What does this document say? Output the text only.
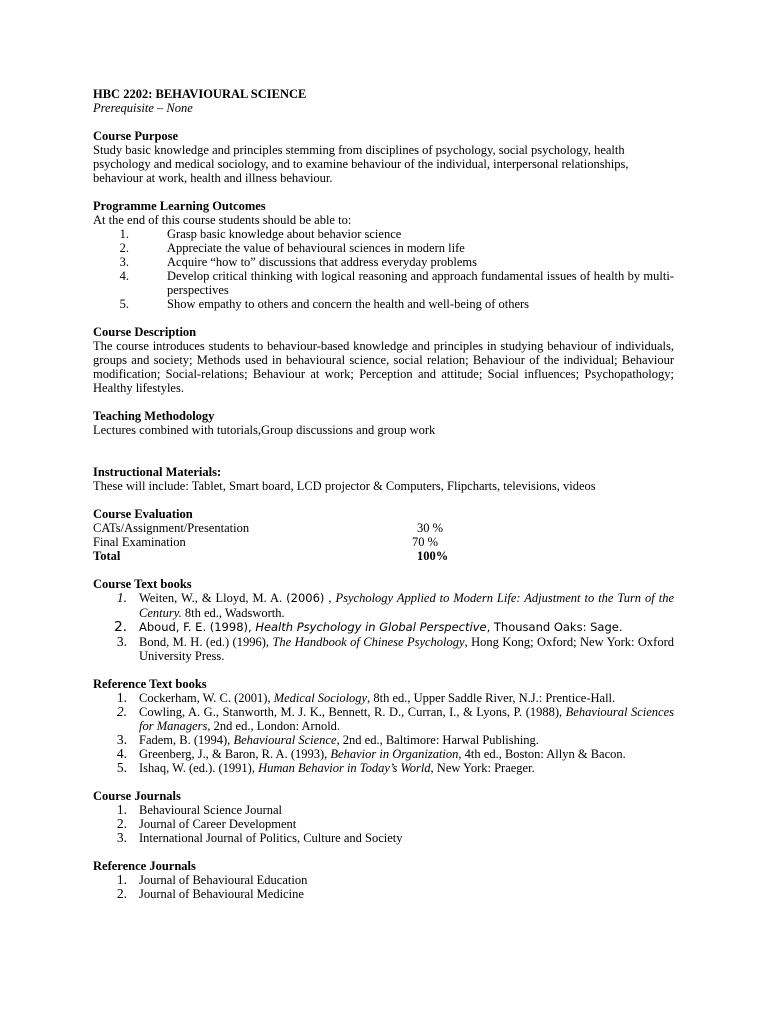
HBC 2202: BEHAVIOURAL SCIENCE

Prerequisite – None

Course Purpose

Study basic knowledge and principles stemming from disciplines of psychology, social psychology, health psychology and medical sociology, and to examine behaviour of the individual, interpersonal relationships, behaviour at work, health and illness behaviour.

Programme Learning Outcomes

At the end of this course students should be able to:

1.	Grasp basic knowledge about behavior science
2.	Appreciate the value of behavioural sciences in modern life
3.	Acquire “how to” discussions that address everyday problems
4.	Develop critical thinking with logical reasoning and approach fundamental issues of health by multi-perspectives
5.	Show empathy to others and concern the health and well-being of others

Course Description

The course introduces students to behaviour-based knowledge and principles in studying behaviour of individuals, groups and society; Methods used in behavioural science, social relation; Behaviour of the individual; Behaviour modification; Social-relations; Behaviour at work; Perception and attitude; Social influences; Psychopathology; Healthy lifestyles.

Teaching Methodology

Lectures combined with tutorials,Group discussions and group work

Instructional Materials:

These will include: Tablet, Smart board, LCD projector & Computers, Flipcharts, televisions, videos

Course Evaluation

CATs/Assignment/Presentation	30 %
Final Examination	70 %
Total	100%

Course Text books

1. Weiten, W., & Lloyd, M. A. (2006) , Psychology Applied to Modern Life: Adjustment to the Turn of the Century. 8th ed., Wadsworth.
2. Aboud, F. E. (1998), Health Psychology in Global Perspective, Thousand Oaks: Sage.
3. Bond, M. H. (ed.) (1996), The Handbook of Chinese Psychology, Hong Kong; Oxford; New York: Oxford University Press.

Reference Text books

1. Cockerham, W. C. (2001), Medical Sociology, 8th ed., Upper Saddle River, N.J.: Prentice-Hall.
2. Cowling, A. G., Stanworth, M. J. K., Bennett, R. D., Curran, I., & Lyons, P. (1988), Behavioural Sciences for Managers, 2nd ed., London: Arnold.
3. Fadem, B. (1994), Behavioural Science, 2nd ed., Baltimore: Harwal Publishing.
4. Greenberg, J., & Baron, R. A. (1993), Behavior in Organization, 4th ed., Boston: Allyn & Bacon.
5. Ishaq, W. (ed.). (1991), Human Behavior in Today’s World, New York: Praeger.

Course Journals

1. Behavioural Science Journal
2. Journal of Career Development
3. International Journal of Politics, Culture and Society

Reference Journals

1. Journal of Behavioural Education
2. Journal of Behavioural Medicine
